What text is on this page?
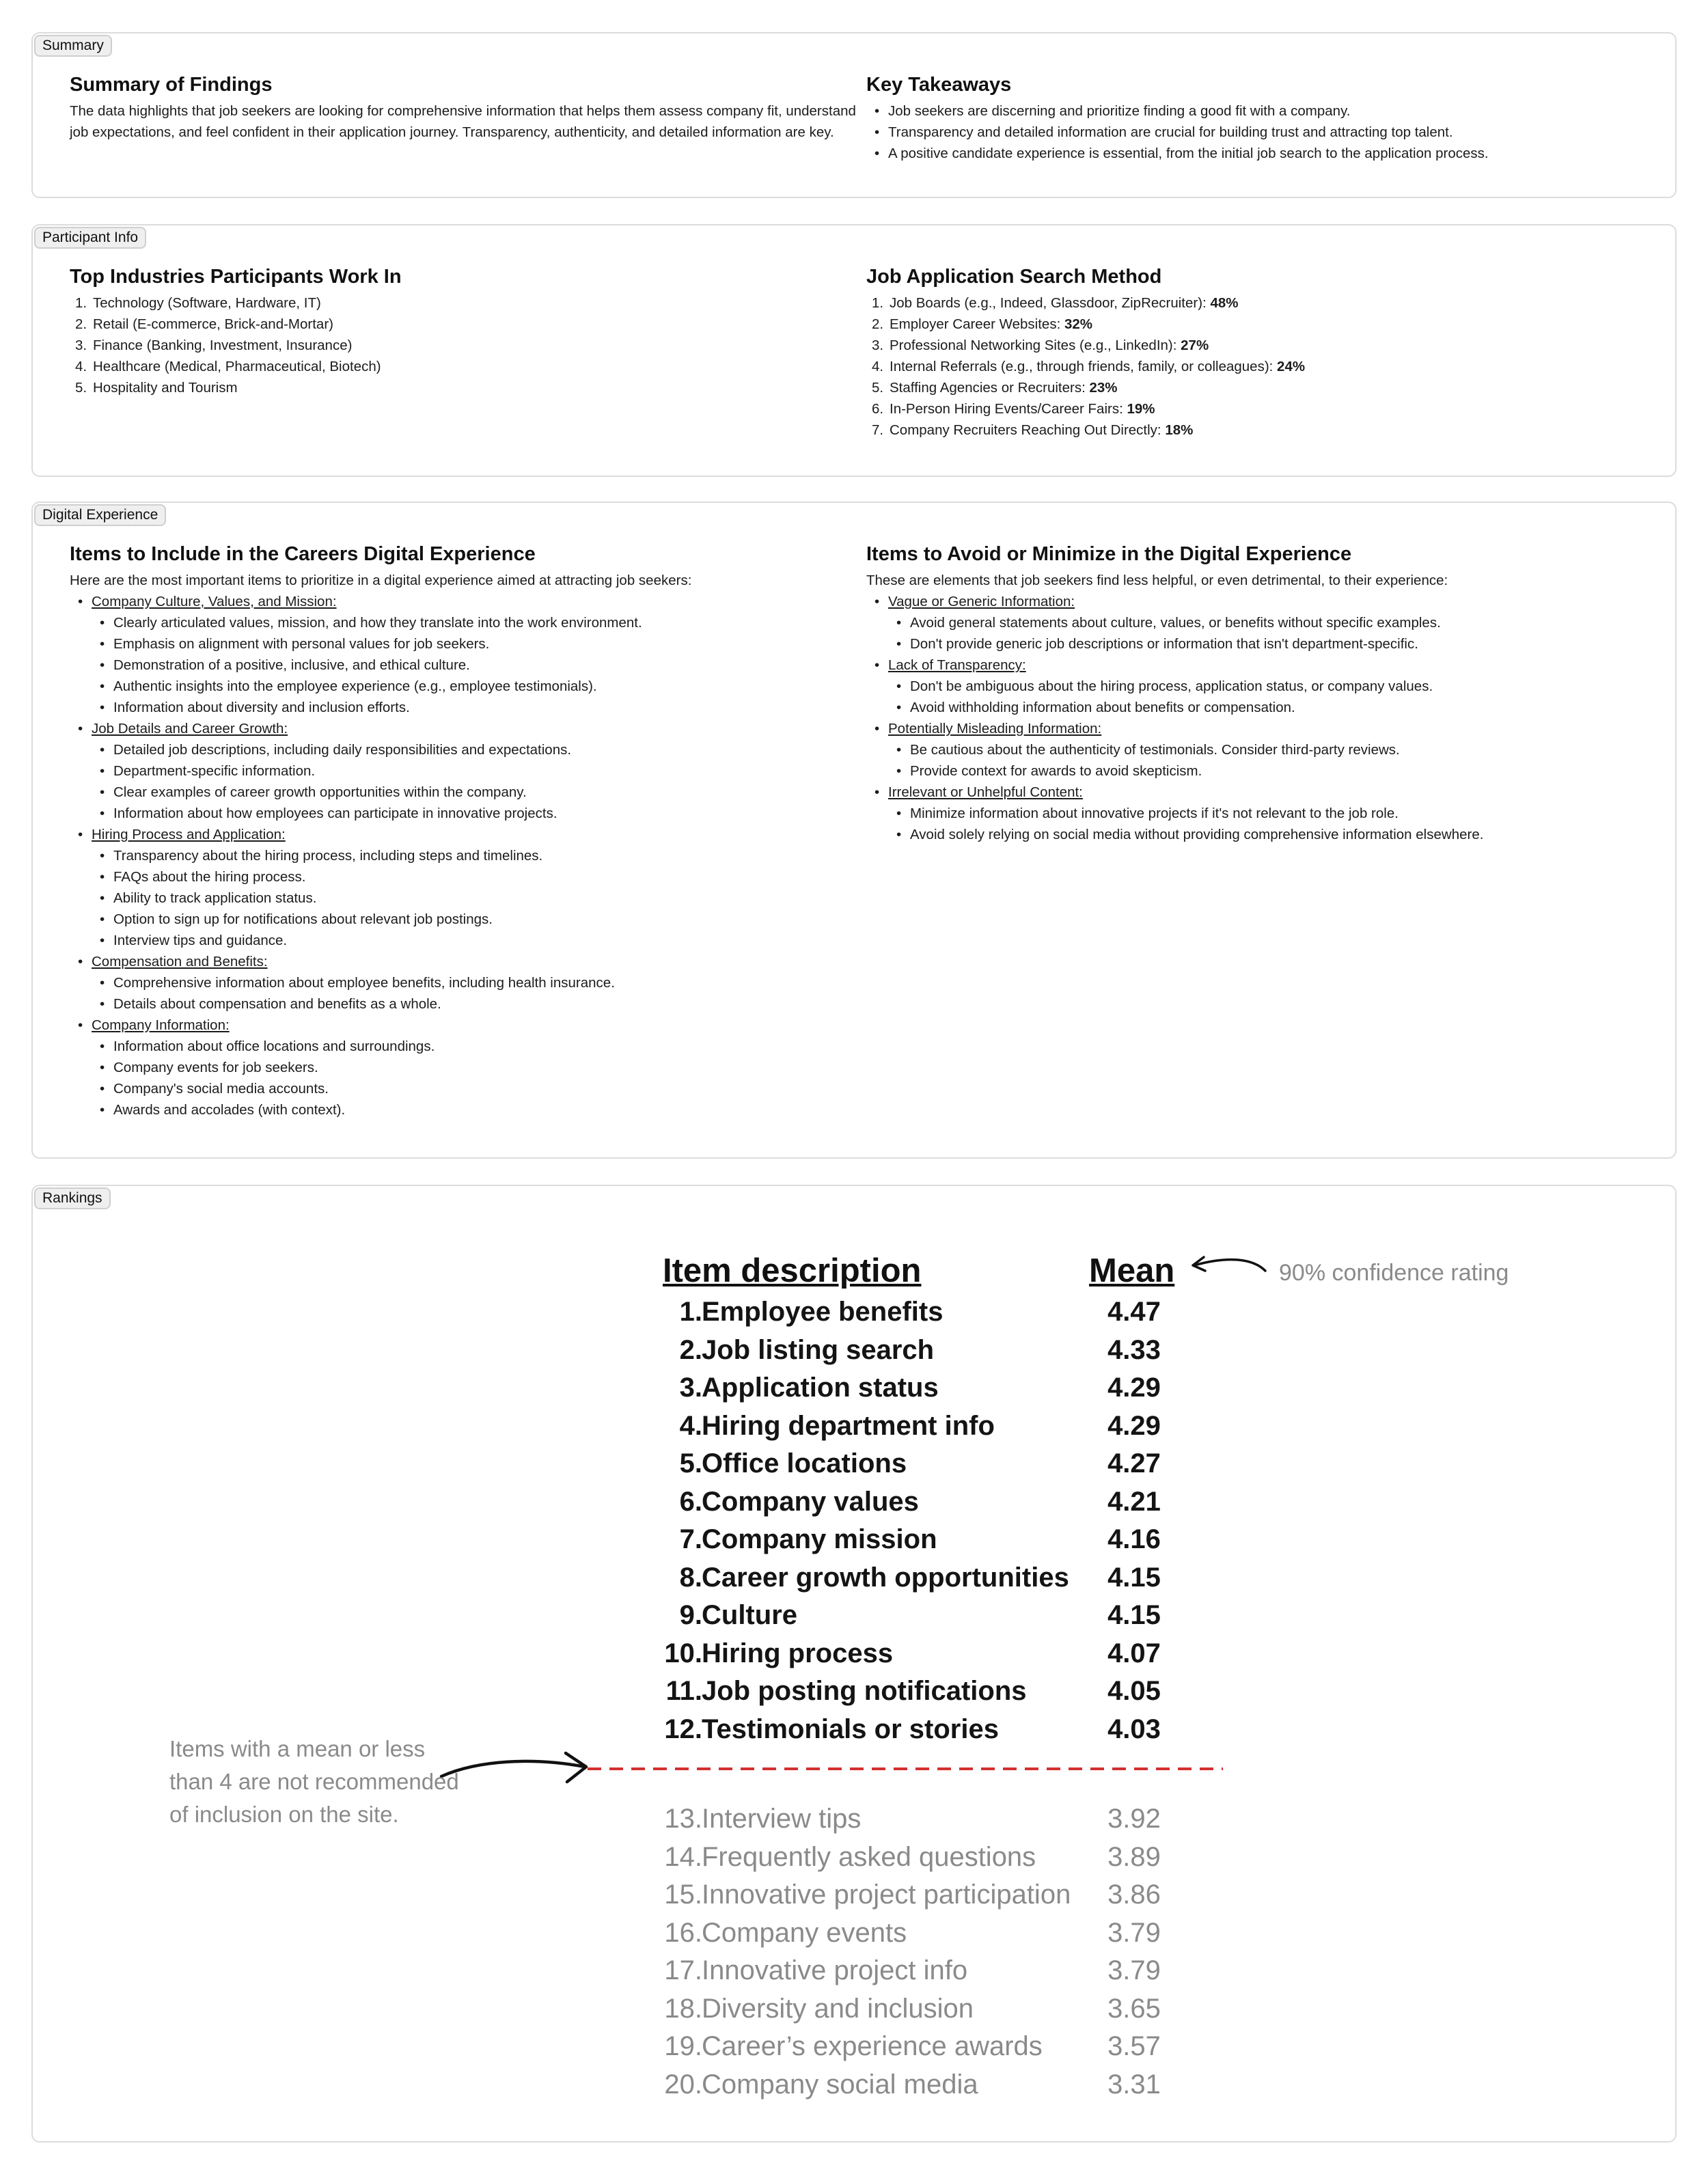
Summary
Summary of Findings

The data highlights that job seekers are looking for comprehensive information that helps them assess company fit, understand job expectations, and feel confident in their application journey. Transparency, authenticity, and detailed information are key.

Key Takeaways
• Job seekers are discerning and prioritize finding a good fit with a company.
• Transparency and detailed information are crucial for building trust and attracting top talent.
• A positive candidate experience is essential, from the initial job search to the application process.
Participant Info
Top Industries Participants Work In
1. Technology (Software, Hardware, IT)
2. Retail (E-commerce, Brick-and-Mortar)
3. Finance (Banking, Investment, Insurance)
4. Healthcare (Medical, Pharmaceutical, Biotech)
5. Hospitality and Tourism
Job Application Search Method
1. Job Boards (e.g., Indeed, Glassdoor, ZipRecruiter): 48%
2. Employer Career Websites: 32%
3. Professional Networking Sites (e.g., LinkedIn): 27%
4. Internal Referrals (e.g., through friends, family, or colleagues): 24%
5. Staffing Agencies or Recruiters: 23%
6. In-Person Hiring Events/Career Fairs: 19%
7. Company Recruiters Reaching Out Directly: 18%
Digital Experience
Items to Include in the Careers Digital Experience

Here are the most important items to prioritize in a digital experience aimed at attracting job seekers:

• Company Culture, Values, and Mission:
• Clearly articulated values, mission, and how they translate into the work environment.
• Emphasis on alignment with personal values for job seekers.
• Demonstration of a positive, inclusive, and ethical culture.
• Authentic insights into the employee experience (e.g., employee testimonials).
• Information about diversity and inclusion efforts.
• Job Details and Career Growth:
• Detailed job descriptions, including daily responsibilities and expectations.
• Department-specific information.
• Clear examples of career growth opportunities within the company.
• Information about how employees can participate in innovative projects.
• Hiring Process and Application:
• Transparency about the hiring process, including steps and timelines.
• FAQs about the hiring process.
• Ability to track application status.
• Option to sign up for notifications about relevant job postings.
• Interview tips and guidance.
• Compensation and Benefits:
• Comprehensive information about employee benefits, including health insurance.
• Details about compensation and benefits as a whole.
• Company Information:
• Information about office locations and surroundings.
• Company events for job seekers.
• Company's social media accounts.
• Awards and accolades (with context).
Items to Avoid or Minimize in the Digital Experience

These are elements that job seekers find less helpful, or even detrimental, to their experience:

• Vague or Generic Information:
• Avoid general statements about culture, values, or benefits without specific examples.
• Don't provide generic job descriptions or information that isn't department-specific.
• Lack of Transparency:
• Don't be ambiguous about the hiring process, application status, or company values.
• Avoid withholding information about benefits or compensation.
• Potentially Misleading Information:
• Be cautious about the authenticity of testimonials. Consider third-party reviews.
• Provide context for awards to avoid skepticism.
• Irrelevant or Unhelpful Content:
• Minimize information about innovative projects if it's not relevant to the job role.
• Avoid solely relying on social media without providing comprehensive information elsewhere.
Rankings
Item description	Mean	90% confidence rating
1. Employee benefits	4.47
2. Job listing search	4.33
3. Application status	4.29
4. Hiring department info	4.29
5. Office locations	4.27
6. Company values	4.21
7. Company mission	4.16
8. Career growth opportunities	4.15
9. Culture	4.15
10. Hiring process	4.07
11. Job posting notifications	4.05
12. Testimonials or stories	4.03
13. Interview tips	3.92
14. Frequently asked questions	3.89
15. Innovative project participation	3.86
16. Company events	3.79
17. Innovative project info	3.79
18. Diversity and inclusion	3.65
19. Career’s experience awards	3.57
20. Company social media	3.31
Items with a mean or less than 4 are not recommended of inclusion on the site.
